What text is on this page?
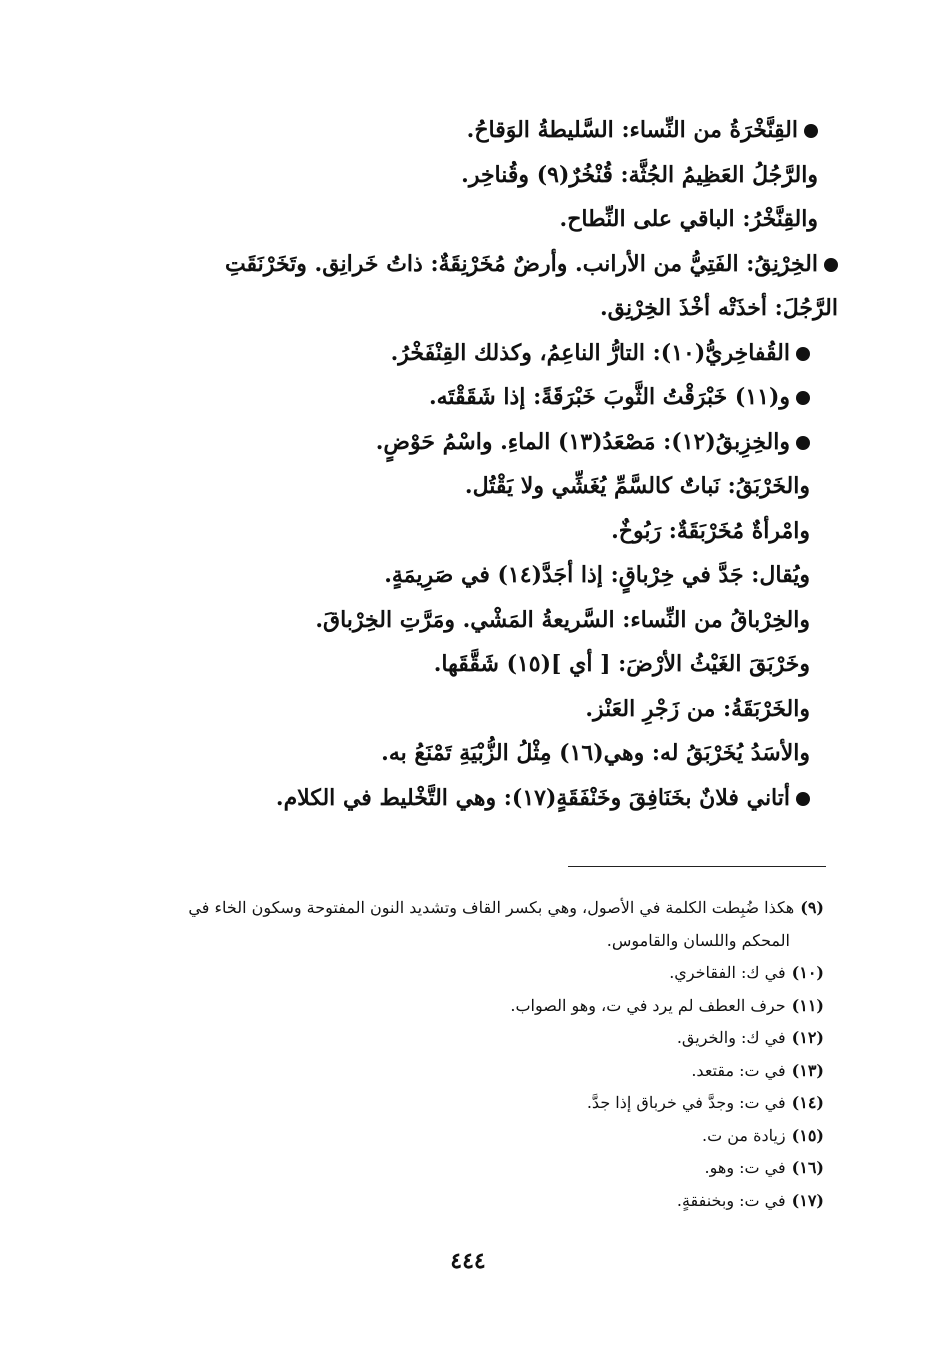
القِنَّخْرَةُ من النِّساء: السَّليطةُ الوَقاحُ.
والرَّجُلُ العَظِيمُ الجُثَّة: قُنْخُرٌ(٩) وقُناخِر.
والقِنَّخْرُ: الباقي على النِّطاح.
الخِرْنِقُ: الفَتِيُّ من الأرانب. وأرضٌ مُخَرْنِقَةٌ: ذاتُ خَرانِق. وتَخَرْنَقَتِ
الرَّجُلَ: أخذَتْه أخْذَ الخِرْنِق.
القُفاخِريُّ(١٠): التارُّ الناعِمُ، وكذلك القِنْفَخْرُ.
و(١١) خَبْرَقْتُ الثَّوبَ خَبْرَقَةً: إذا شَقَقْتَه.
والخِزِبقُ(١٢): مَصْعَدُ(١٣) الماءِ. واسْمُ حَوْضٍ.
والخَرْبَقُ: نَباتٌ كالسَّمِّ يُغَشِّي ولا يَقْتُل.
وامْرأةٌ مُخَرْبَقَةٌ: رَبُوخٌ.
ويُقال: جَدَّ في خِرْباقٍ: إذا أجَدَّ(١٤) في صَرِيمَةٍ.
والخِرْباقُ من النِّساء: السَّريعةُ المَشْي. ومَرَّتِ الخِرْباقَ.
وخَرْبَقَ الغَيْثُ الأرْضَ: [ أي ](١٥) شَقَّقَها.
والخَرْبَقَةُ: من زَجْرِ العَنْز.
والأسَدُ يُخَرْبَقُ له: وهي(١٦) مِثْلُ الزُّبْيَةِ تَمْنَعُ به.
أتاني فلانٌ بخَنَافِقَ وخَنْفَقَةٍ(١٧): وهي التَّخْليط في الكلام.
(٩)هكذا ضُبِطت الكلمة في الأصول، وهي بكسر القاف وتشديد النون المفتوحة وسكون الخاء في
المحكم واللسان والقاموس.
(١٠)في ك: الفقاخري.
(١١)حرف العطف لم يرد في ت، وهو الصواب.
(١٢)في ك: والخريق.
(١٣)في ت: مقتعد.
(١٤)في ت: وجدَّ في خرباق إذا جدَّ.
(١٥)زيادة من ت.
(١٦)في ت: وهو.
(١٧)في ت: وبخنفقةٍ.
٤٤٤
